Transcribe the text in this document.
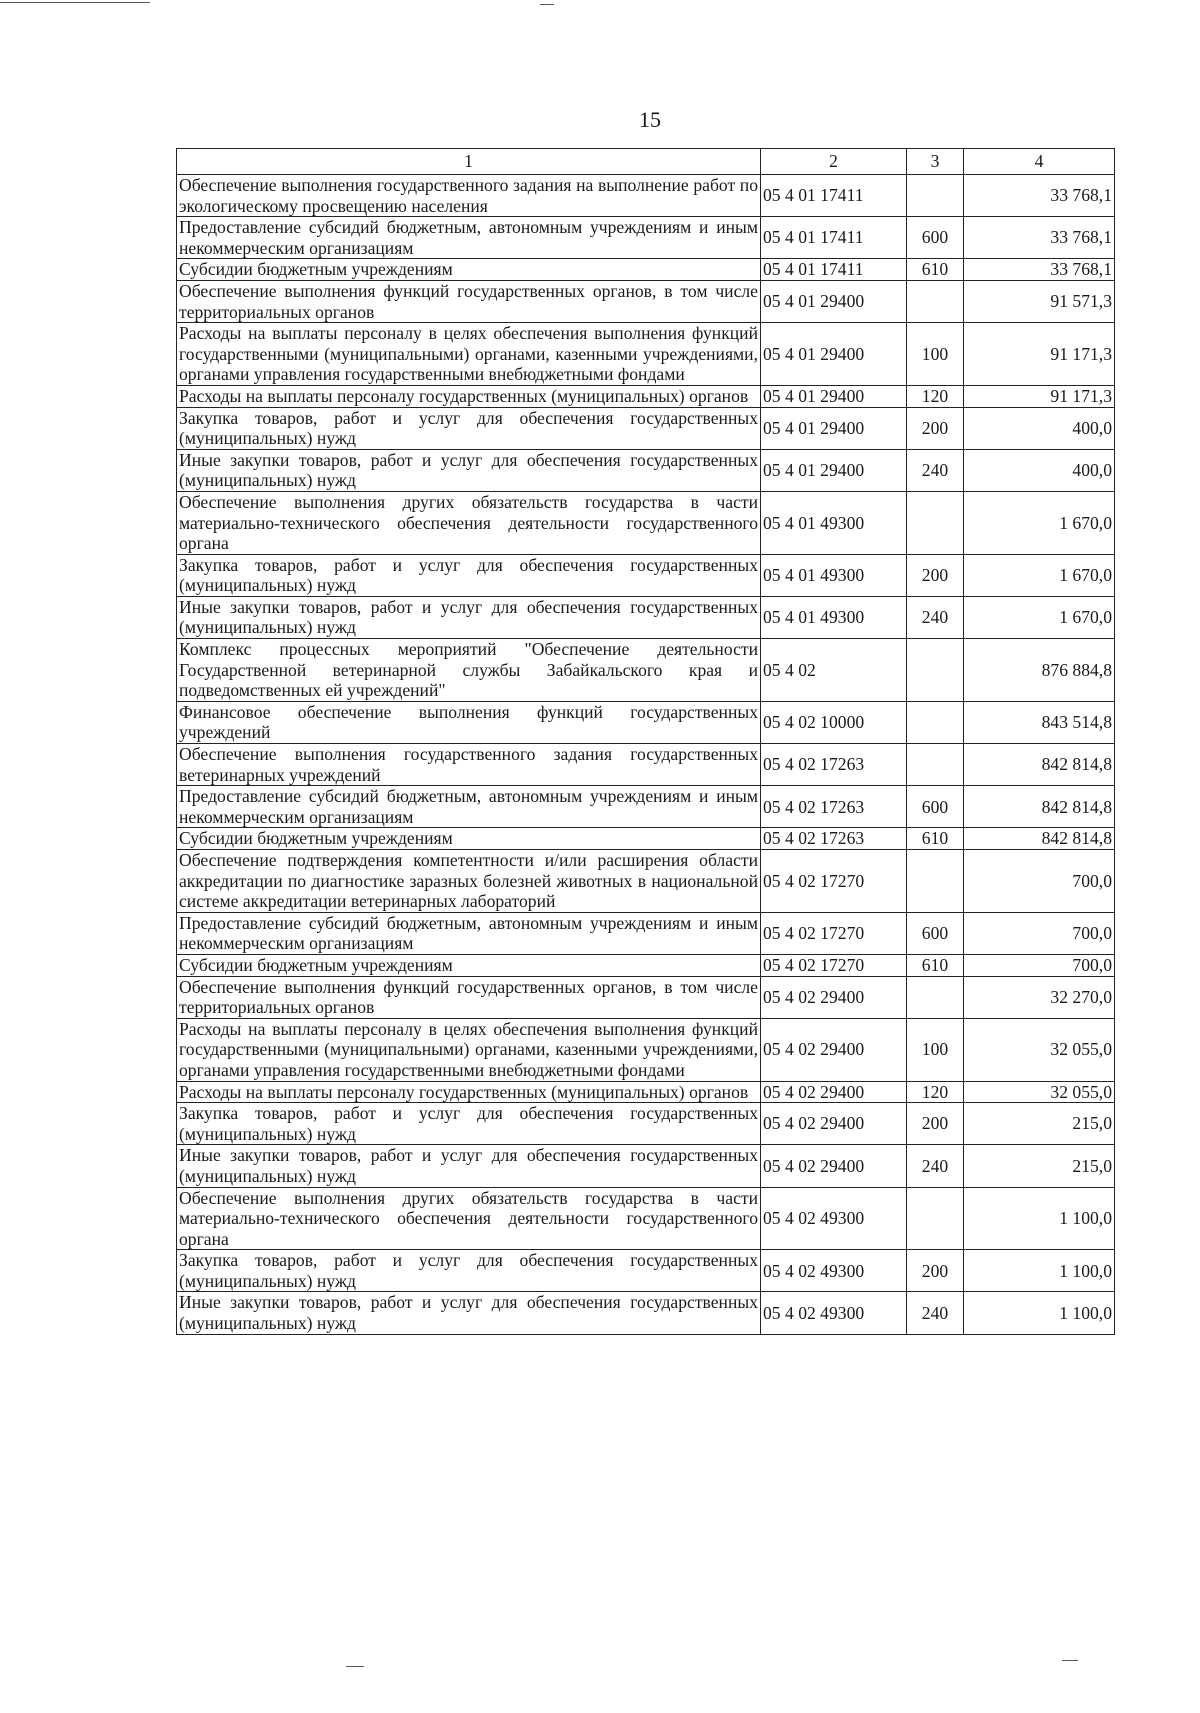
15
1	2	3	4
Обеспечение выполнения государственного задания на выполнение работ по экологическому просвещению населения	05 4 01 17411		33 768,1
Предоставление субсидий бюджетным, автономным учреждениям и иным некоммерческим организациям	05 4 01 17411	600	33 768,1
Субсидии бюджетным учреждениям	05 4 01 17411	610	33 768,1
Обеспечение выполнения функций государственных органов, в том числе территориальных органов	05 4 01 29400		91 571,3
Расходы на выплаты персоналу в целях обеспечения выполнения функций государственными (муниципальными) органами, казенными учреждениями, органами управления государственными внебюджетными фондами	05 4 01 29400	100	91 171,3
Расходы на выплаты персоналу государственных (муниципальных) органов	05 4 01 29400	120	91 171,3
Закупка товаров, работ и услуг для обеспечения государственных (муниципальных) нужд	05 4 01 29400	200	400,0
Иные закупки товаров, работ и услуг для обеспечения государственных (муниципальных) нужд	05 4 01 29400	240	400,0
Обеспечение выполнения других обязательств государства в части материально-технического обеспечения деятельности государственного органа	05 4 01 49300		1 670,0
Закупка товаров, работ и услуг для обеспечения государственных (муниципальных) нужд	05 4 01 49300	200	1 670,0
Иные закупки товаров, работ и услуг для обеспечения государственных (муниципальных) нужд	05 4 01 49300	240	1 670,0
Комплекс процессных мероприятий "Обеспечение деятельности Государственной ветеринарной службы Забайкальского края и подведомственных ей учреждений"	05 4 02		876 884,8
Финансовое обеспечение выполнения функций государственных учреждений	05 4 02 10000		843 514,8
Обеспечение выполнения государственного задания государственных ветеринарных учреждений	05 4 02 17263		842 814,8
Предоставление субсидий бюджетным, автономным учреждениям и иным некоммерческим организациям	05 4 02 17263	600	842 814,8
Субсидии бюджетным учреждениям	05 4 02 17263	610	842 814,8
Обеспечение подтверждения компетентности и/или расширения области аккредитации по диагностике заразных болезней животных в национальной системе аккредитации ветеринарных лабораторий	05 4 02 17270		700,0
Предоставление субсидий бюджетным, автономным учреждениям и иным некоммерческим организациям	05 4 02 17270	600	700,0
Субсидии бюджетным учреждениям	05 4 02 17270	610	700,0
Обеспечение выполнения функций государственных органов, в том числе территориальных органов	05 4 02 29400		32 270,0
Расходы на выплаты персоналу в целях обеспечения выполнения функций государственными (муниципальными) органами, казенными учреждениями, органами управления государственными внебюджетными фондами	05 4 02 29400	100	32 055,0
Расходы на выплаты персоналу государственных (муниципальных) органов	05 4 02 29400	120	32 055,0
Закупка товаров, работ и услуг для обеспечения государственных (муниципальных) нужд	05 4 02 29400	200	215,0
Иные закупки товаров, работ и услуг для обеспечения государственных (муниципальных) нужд	05 4 02 29400	240	215,0
Обеспечение выполнения других обязательств государства в части материально-технического обеспечения деятельности государственного органа	05 4 02 49300		1 100,0
Закупка товаров, работ и услуг для обеспечения государственных (муниципальных) нужд	05 4 02 49300	200	1 100,0
Иные закупки товаров, работ и услуг для обеспечения государственных (муниципальных) нужд	05 4 02 49300	240	1 100,0
